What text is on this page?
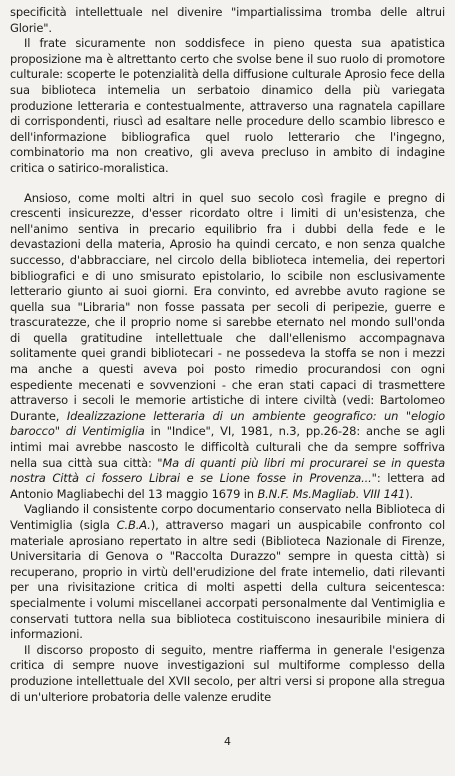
specificità intellettuale nel divenire "impartialissima tromba delle altrui Glorie".

Il frate sicuramente non soddisfece in pieno questa sua apatistica proposizione ma è altrettanto certo che svolse bene il suo ruolo di promotore culturale: scoperte le potenzialità della diffusione culturale Aprosio fece della sua biblioteca intemelia un serbatoio dinamico della più variegata produzione letteraria e contestualmente, attraverso una ragnatela capillare di corrispondenti, riuscì ad esaltare nelle procedure dello scambio librescо e dell'informazione bibliografica quel ruolo letterario che l'ingegno, combinatorio ma non creativo, gli aveva precluso in ambito di indagine critica o satirico-moralistica.

Ansioso, come molti altri in quel suo secolo così fragile e pregno di crescenti insicurezze, d'esser ricordato oltre i limiti di un'esistenza, che nell'animo sentiva in precario equilibrio fra i dubbi della fede e le devastazioni della materia, Aprosio ha quindi cercato, e non senza qualche successo, d'abbracciare, nel circolo della biblioteca intemelia, dei repertori bibliografici e di uno smisurato epistolario, lo scibile non esclusivamente letterario giunto ai suoi giorni. Era convinto, ed avrebbe avuto ragione se quella sua "Libraria" non fosse passata per secoli di peripezie, guerre e trascuratezze, che il proprio nome si sarebbe eternato nel mondo sull'onda di quella gratitudine intellettuale che dall'ellenismo accompagnava solitamente quei grandi bibliotecari - ne possedeva la stoffa se non i mezzi ma anche a questi aveva poi posto rimedio procurandosi con ogni espediente mecenati e sovvenzioni - che eran stati capaci di trasmettere attraverso i secoli le memorie artistiche di intere civiltà (vedi: Bartolomeo Durante, Idealizzazione letteraria di un ambiente geografico: un "elogio barocco" di Ventimiglia in "Indice", VI, 1981, n.3, pp.26-28: anche se agli intimi mai avrebbe nascosto le difficoltà culturali che da sempre soffriva nella sua città sua città: "Ma di quanti più libri mi procurarei se in questa nostra Città ci fossero Librai e se Lione fosse in Provenza...": lettera ad Antonio Magliabechi del 13 maggio 1679 in B.N.F. Ms.Magliab. VIII 141).

Vagliando il consistente corpo documentario conservato nella Biblioteca di Ventimiglia (sigla C.B.A.), attraverso magari un auspicabile confronto col materiale aprosiano repertato in altre sedi (Biblioteca Nazionale di Firenze, Universitaria di Genova o "Raccolta Durazzo" sempre in questa città) si recuperano, proprio in virtù dell'erudizione del frate intemelio, dati rilevanti per una rivisitazione critica di molti aspetti della cultura seicentesca: specialmente i volumi miscellanei accorpati personalmente dal Ventimiglia e conservati tuttora nella sua biblioteca costituiscono inesauribile miniera di informazioni.

Il discorso proposto di seguito, mentre riafferma in generale l'esigenza critica di sempre nuove investigazioni sul multiforme complesso della produzione intellettuale del XVII secolo, per altri versi si propone alla stregua di un'ulteriore probatoria delle valenze erudite

4
